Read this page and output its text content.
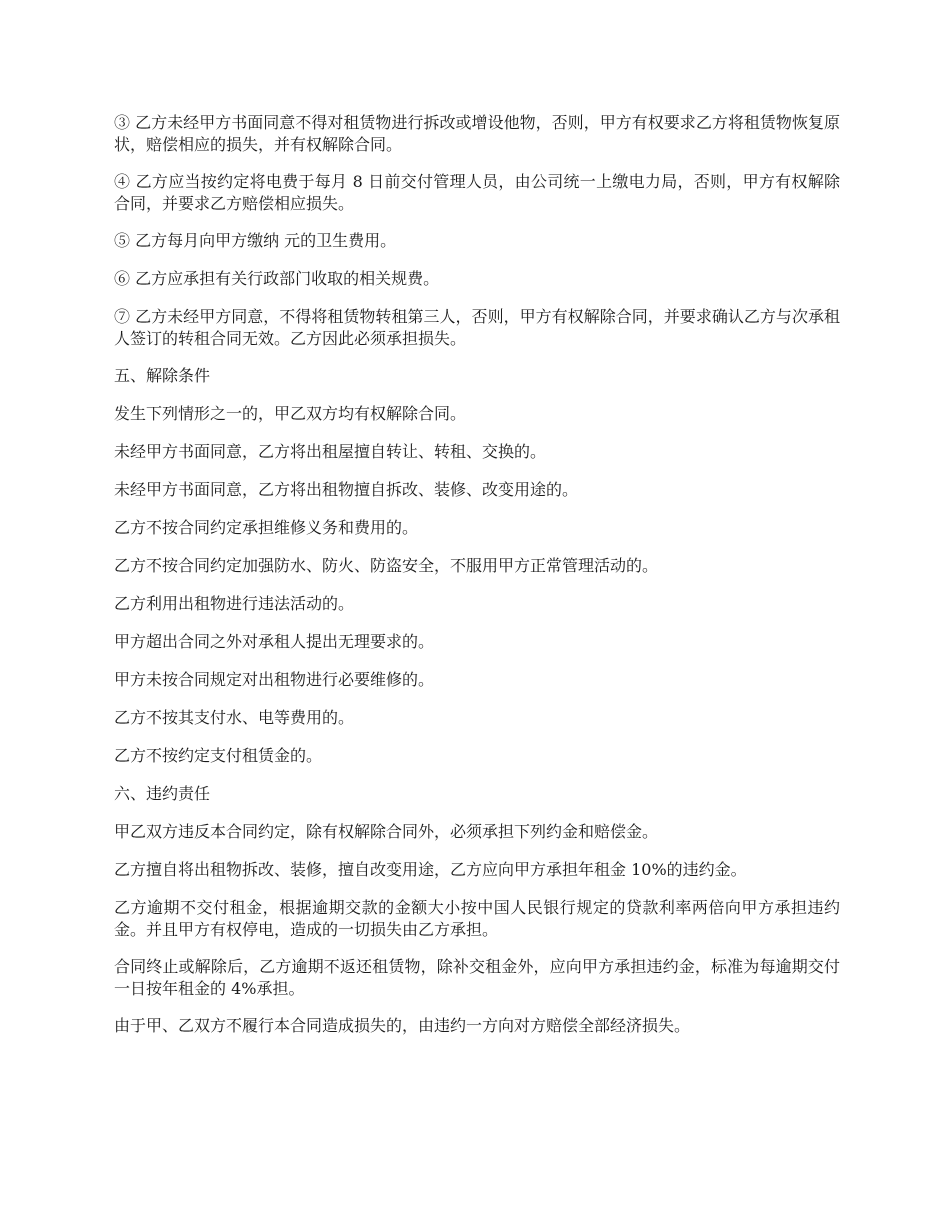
③ 乙方未经甲方书面同意不得对租赁物进行拆改或增设他物，否则，甲方有权要求乙方将租赁物恢复原状，赔偿相应的损失，并有权解除合同。

④ 乙方应当按约定将电费于每月 8 日前交付管理人员，由公司统一上缴电力局，否则，甲方有权解除合同，并要求乙方赔偿相应损失。

⑤ 乙方每月向甲方缴纳 元的卫生费用。

⑥ 乙方应承担有关行政部门收取的相关规费。

⑦ 乙方未经甲方同意，不得将租赁物转租第三人，否则，甲方有权解除合同，并要求确认乙方与次承租人签订的转租合同无效。乙方因此必须承担损失。

五、解除条件

发生下列情形之一的，甲乙双方均有权解除合同。

未经甲方书面同意，乙方将出租屋擅自转让、转租、交换的。

未经甲方书面同意，乙方将出租物擅自拆改、装修、改变用途的。

乙方不按合同约定承担维修义务和费用的。

乙方不按合同约定加强防水、防火、防盗安全，不服用甲方正常管理活动的。

乙方利用出租物进行违法活动的。

甲方超出合同之外对承租人提出无理要求的。

甲方未按合同规定对出租物进行必要维修的。

乙方不按其支付水、电等费用的。

乙方不按约定支付租赁金的。

六、违约责任

甲乙双方违反本合同约定，除有权解除合同外，必须承担下列约金和赔偿金。

乙方擅自将出租物拆改、装修，擅自改变用途，乙方应向甲方承担年租金 10%的违约金。

乙方逾期不交付租金，根据逾期交款的金额大小按中国人民银行规定的贷款利率两倍向甲方承担违约金。并且甲方有权停电，造成的一切损失由乙方承担。

合同终止或解除后，乙方逾期不返还租赁物，除补交租金外，应向甲方承担违约金，标准为每逾期交付一日按年租金的 4%承担。

由于甲、乙双方不履行本合同造成损失的，由违约一方向对方赔偿全部经济损失。
